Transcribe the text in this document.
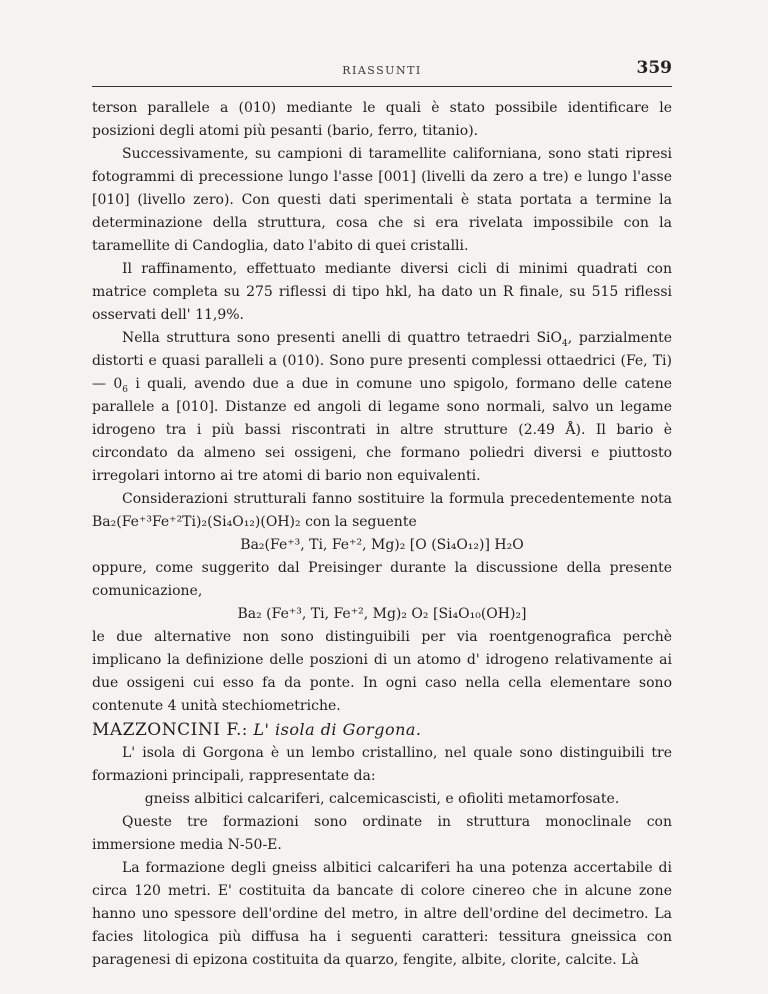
RIASSUNTI	359

terson parallele a (010) mediante le quali è stato possibile identificare le posizioni degli atomi più pesanti (bario, ferro, titanio).

Successivamente, su campioni di taramellite californiana, sono stati ripresi fotogrammi di precessione lungo l'asse [001] (livelli da zero a tre) e lungo l'asse [010] (livello zero). Con questi dati sperimentali è stata portata a termine la determinazione della struttura, cosa che si era rivelata impossibile con la taramellite di Candoglia, dato l'abito di quei cristalli.

Il raffinamento, effettuato mediante diversi cicli di minimi quadrati con matrice completa su 275 riflessi di tipo hkl, ha dato un R finale, su 515 riflessi osservati dell' 11,9%.

Nella struttura sono presenti anelli di quattro tetraedri SiO$_4$, parzialmente distorti e quasi paralleli a (010). Sono pure presenti complessi ottaedrici (Fe, Ti) — $0_6$ i quali, avendo due a due in comune uno spigolo, formano delle catene parallele a [010]. Distanze ed angoli di legame sono normali, salvo un legame idrogeno tra i più bassi riscontrati in altre strutture (2.49 Å). Il bario è circondato da almeno sei ossigeni, che formano poliedri diversi e piuttosto irregolari intorno ai tre atomi di bario non equivalenti.

Considerazioni strutturali fanno sostituire la formula precedentemente nota Ba₂(Fe⁺³Fe⁺²Ti)₂(Si₄O₁₂)(OH)₂ con la seguente

Ba₂(Fe⁺³, Ti, Fe⁺², Mg)₂ [O (Si₄O₁₂)] H₂O

oppure, come suggerito dal Preisinger durante la discussione della presente comunicazione,

Ba₂ (Fe⁺³, Ti, Fe⁺², Mg)₂ O₂ [Si₄O₁₀(OH)₂]

le due alternative non sono distinguibili per via roentgenografica perchè implicano la definizione delle poszioni di un atomo d' idrogeno relativamente ai due ossigeni cui esso fa da ponte. In ogni caso nella cella elementare sono contenute 4 unità stechiometriche.

MAZZONCINI F.: L' isola di Gorgona.

L' isola di Gorgona è un lembo cristallino, nel quale sono distinguibili tre formazioni principali, rappresentate da:

gneiss albitici calcariferi, calcemicascisti, e ofioliti metamorfosate.

Queste tre formazioni sono ordinate in struttura monoclinale con immersione media N-50-E.

La formazione degli gneiss albitici calcariferi ha una potenza accertabile di circa 120 metri. E' costituita da bancate di colore cinereo che in alcune zone hanno uno spessore dell'ordine del metro, in altre dell'ordine del decimetro. La facies litologica più diffusa ha i seguenti caratteri: tessitura gneissica con paragenesi di epizona costituita da quarzo, fengite, albite, clorite, calcite. Là
